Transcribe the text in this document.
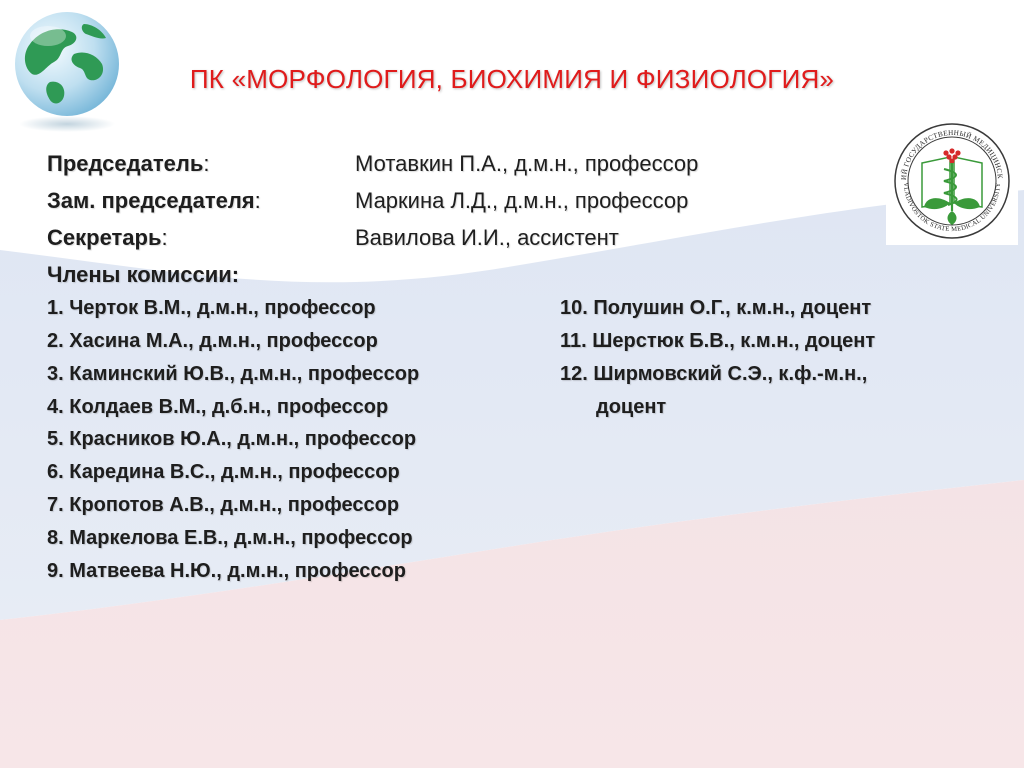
ПК «МОРФОЛОГИЯ, БИОХИМИЯ И ФИЗИОЛОГИЯ»
ИЙ ГОСУДАРСТВЕННЫЙ МЕДИЦИНСК
VLADIVOSTOK STATE MEDICAL UNIVERSITY
Председатель:	Мотавкин П.А., д.м.н., профессор
Зам. председателя:	Маркина Л.Д., д.м.н., профессор
Секретарь:	Вавилова И.И., ассистент
Члены комиссии:
1. Черток В.М., д.м.н., профессор
2. Хасина М.А., д.м.н., профессор
3. Каминский Ю.В., д.м.н., профессор
4. Колдаев В.М., д.б.н., профессор
5. Красников Ю.А., д.м.н., профессор
6. Каредина В.С., д.м.н., профессор
7. Кропотов А.В., д.м.н., профессор
8. Маркелова Е.В., д.м.н., профессор
9. Матвеева Н.Ю., д.м.н., профессор
10. Полушин О.Г., к.м.н., доцент
11. Шерстюк Б.В., к.м.н., доцент
12. Ширмовский С.Э., к.ф.-м.н.,
доцент
